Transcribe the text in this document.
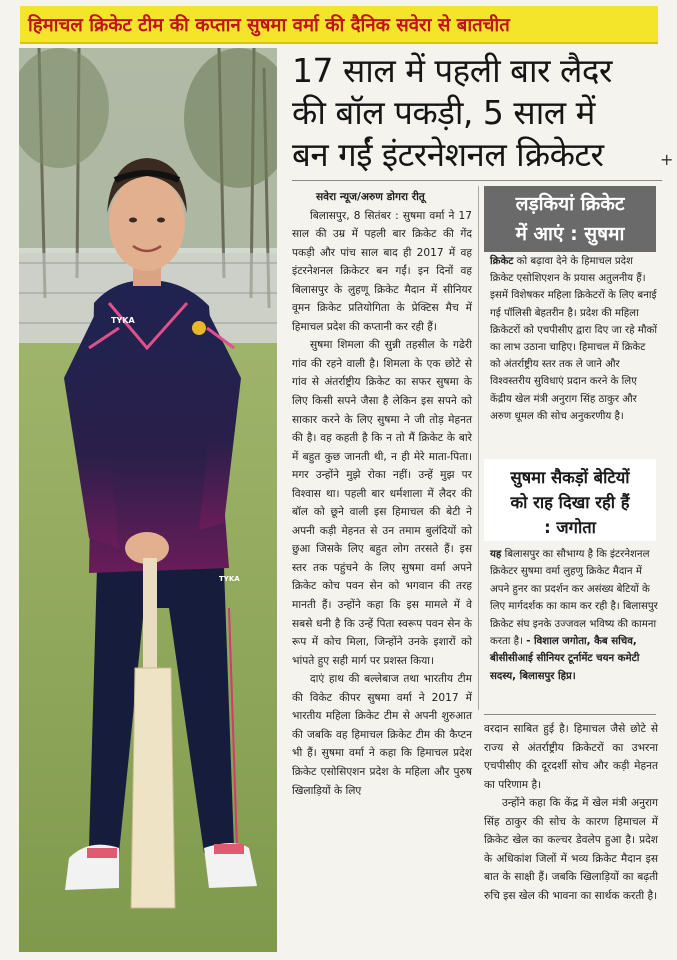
हिमाचल क्रिकेट टीम की कप्तान सुषमा वर्मा की दैनिक सवेरा से बातचीत
TYKA
TYKA
17 साल में पहली बार लैदर
की बॉल पकड़ी, 5 साल में
बन गईं इंटरनेशनल क्रिकेटर	+

सवेरा न्यूज/अरुण डोगरा रीतू

बिलासपुर, 8 सितंबर : सुषमा वर्मा ने 17 साल की उम्र में पहली बार क्रिकेट की गेंद पकड़ी और पांच साल बाद ही 2017 में वह इंटरनेशनल क्रिकेटर बन गईं। इन दिनों वह बिलासपुर के लुहणू क्रिकेट मैदान में सीनियर वूमन क्रिकेट प्रतियोगिता के प्रेक्टिस मैच में हिमाचल प्रदेश की कप्तानी कर रही हैं।

सुषमा शिमला की सुन्नी तहसील के गढेरी गांव की रहने वाली है। शिमला के एक छोटे से गांव से अंतर्राष्ट्रीय क्रिकेट का सफर सुषमा के लिए किसी सपने जैसा है लेकिन इस सपने को साकार करने के लिए सुषमा ने जी तोड़ मेहनत की है। वह कहती है कि न तो मैं क्रिकेट के बारे में बहुत कुछ जानती थी, न ही मेरे माता-पिता। मगर उन्होंने मुझे रोका नहीं। उन्हें मुझ पर विश्वास था। पहली बार धर्मशाला में लैदर की बॉल को छूने वाली इस हिमाचल की बेटी ने अपनी कड़ी मेहनत से उन तमाम बुलंदियों को छुआ जिसके लिए बहुत लोग तरसते हैं। इस स्तर तक पहुंचने के लिए सुषमा वर्मा अपने क्रिकेट कोच पवन सेन को भगवान की तरह मानती हैं। उन्होंने कहा कि इस मामले में वे सबसे धनी है कि उन्हें पिता स्वरूप पवन सेन के रूप में कोच मिला, जिन्होंने उनके इशारों को भांपते हुए सही मार्ग पर प्रशस्त किया।

दाएं हाथ की बल्लेबाज तथा भारतीय टीम की विकेट कीपर सुषमा वर्मा ने 2017 में भारतीय महिला क्रिकेट टीम से अपनी शुरुआत की जबकि वह हिमाचल क्रिकेट टीम की कैप्टन भी हैं। सुषमा वर्मा ने कहा कि हिमाचल प्रदेश क्रिकेट एसोसिएशन प्रदेश के महिला और पुरुष खिलाड़ियों के लिए

वरदान साबित हुई है। हिमाचल जैसे छोटे से राज्य से अंतर्राष्ट्रीय क्रिकेटरों का उभरना एचपीसीए की दूरदर्शी सोच और कड़ी मेहनत का परिणाम है।

उन्होंने कहा कि केंद्र में खेल मंत्री अनुराग सिंह ठाकुर की सोच के कारण हिमाचल में क्रिकेट खेल का कल्चर डेवलेप हुआ है। प्रदेश के अधिकांश जिलों में भव्य क्रिकेट मैदान इस बात के साक्षी हैं। जबकि खिलाड़ियों का बढ़ती रुचि इस खेल की भावना का सार्थक करती है।

लड़कियां क्रिकेट
में आएं : सुषमा
क्रिकेट को बढ़ावा देने के हिमाचल प्रदेश क्रिकेट एसोशिएशन के प्रयास अतुलनीय हैं। इसमें विशेषकर महिला क्रिकेटरों के लिए बनाई गई पॉलिसी बेहतरीन है। प्रदेश की महिला क्रिकेटरों को एचपीसीए द्वारा दिए जा रहे मौकों का लाभ उठाना चाहिए। हिमाचल में क्रिकेट को अंतर्राष्ट्रीय स्तर तक ले जाने और विश्वस्तरीय सुविधाएं प्रदान करने के लिए केंद्रीय खेल मंत्री अनुराग सिंह ठाकुर और अरुण धूमल की सोच अनुकरणीय है।
सुषमा सैकड़ों बेटियों
को राह दिखा रही हैं
: जगोता
यह बिलासपुर का सौभाग्य है कि इंटरनेशनल क्रिकेटर सुषमा वर्मा लुहणु क्रिकेट मैदान में अपने हुनर का प्रदर्शन कर असंख्य बेटियों के लिए मार्गदर्शक का काम कर रही है। बिलासपुर क्रिकेट संघ इनके उज्जवल भविष्य की कामना करता है। - विशाल जगोता, कैब सचिव, बीसीसीआई सीनियर टूर्नामेंट चयन कमेटी सदस्य, बिलासपुर हिप्र।
